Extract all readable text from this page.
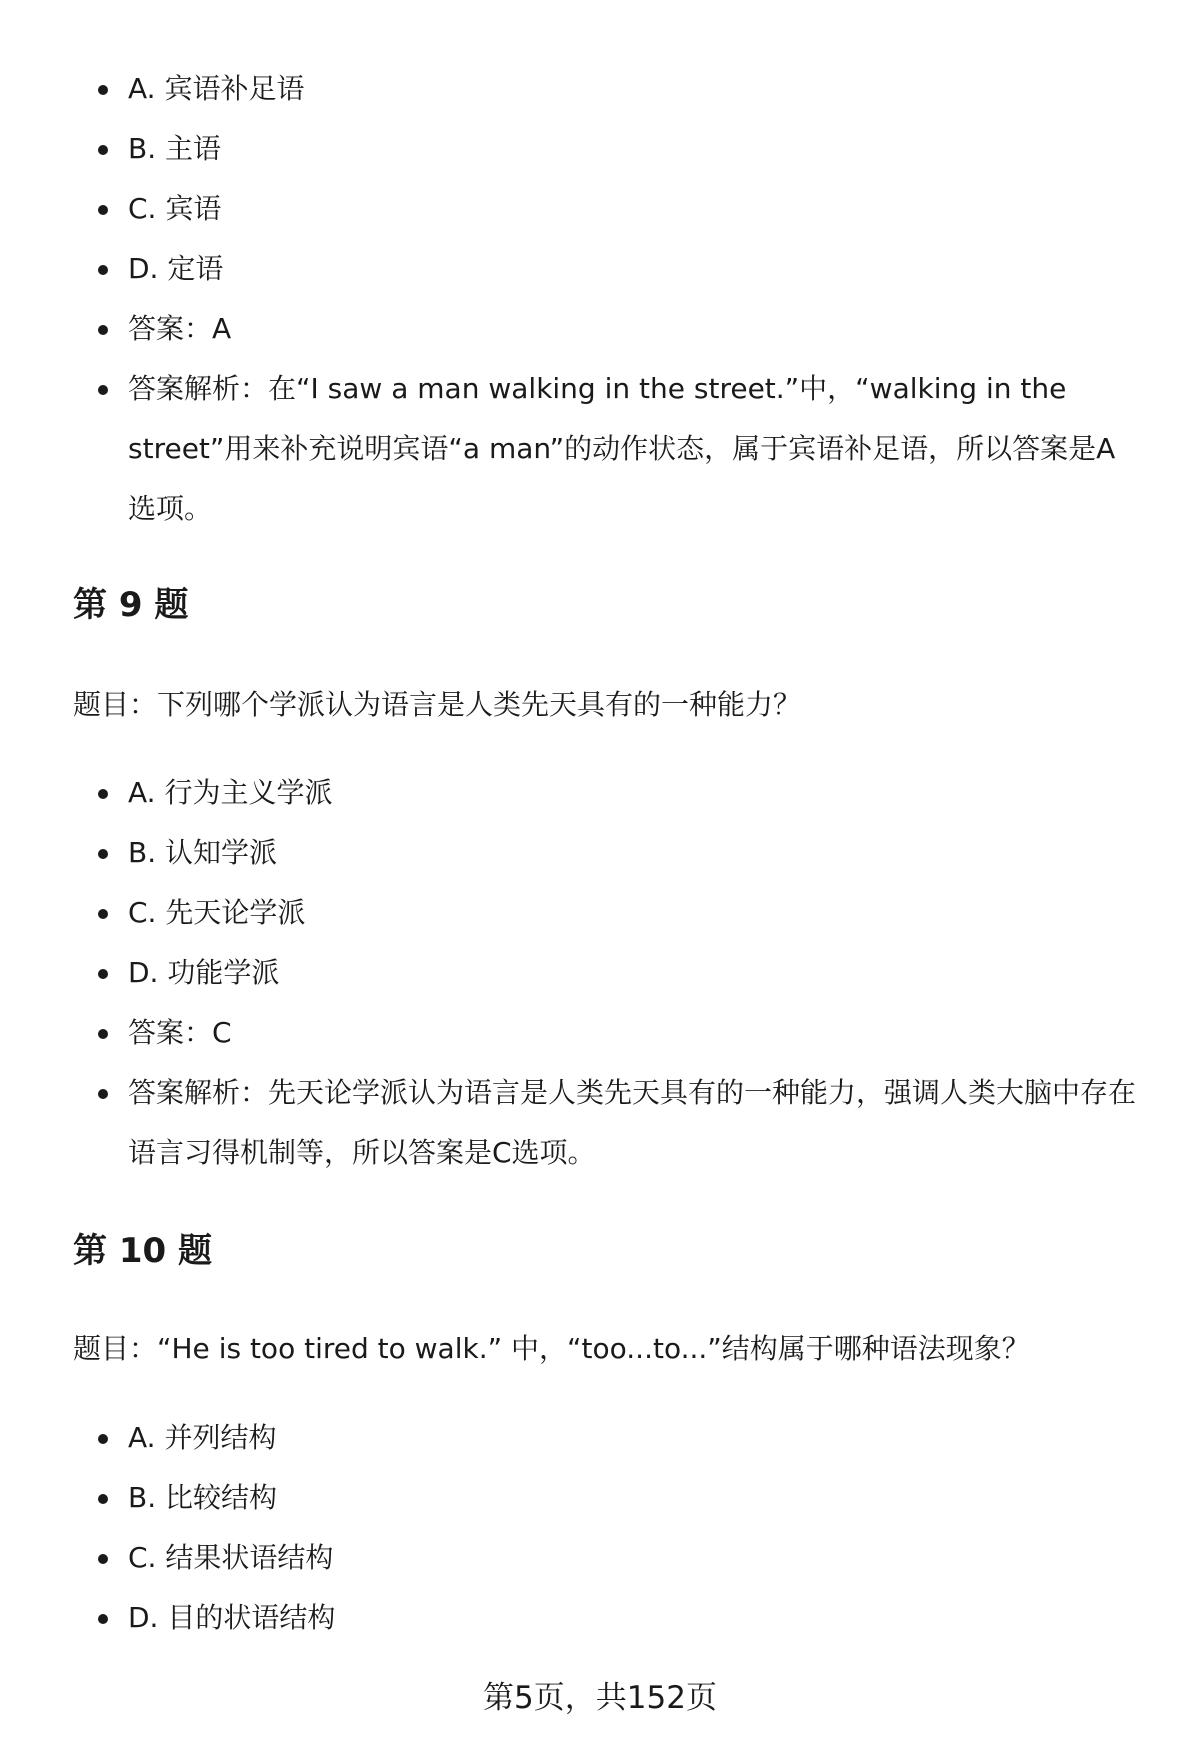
A. 宾语补足语
B. 主语
C. 宾语
D. 定语
答案：A
答案解析：在“I saw a man walking in the street.”中，“walking in the street”用来补充说明宾语“a man”的动作状态，属于宾语补足语，所以答案是A选项。
第 9 题
题目：下列哪个学派认为语言是人类先天具有的一种能力？
A. 行为主义学派
B. 认知学派
C. 先天论学派
D. 功能学派
答案：C
答案解析：先天论学派认为语言是人类先天具有的一种能力，强调人类大脑中存在语言习得机制等，所以答案是C选项。
第 10 题
题目：“He is too tired to walk.” 中，“too...to...”结构属于哪种语法现象？
A. 并列结构
B. 比较结构
C. 结果状语结构
D. 目的状语结构
第5页，共152页
